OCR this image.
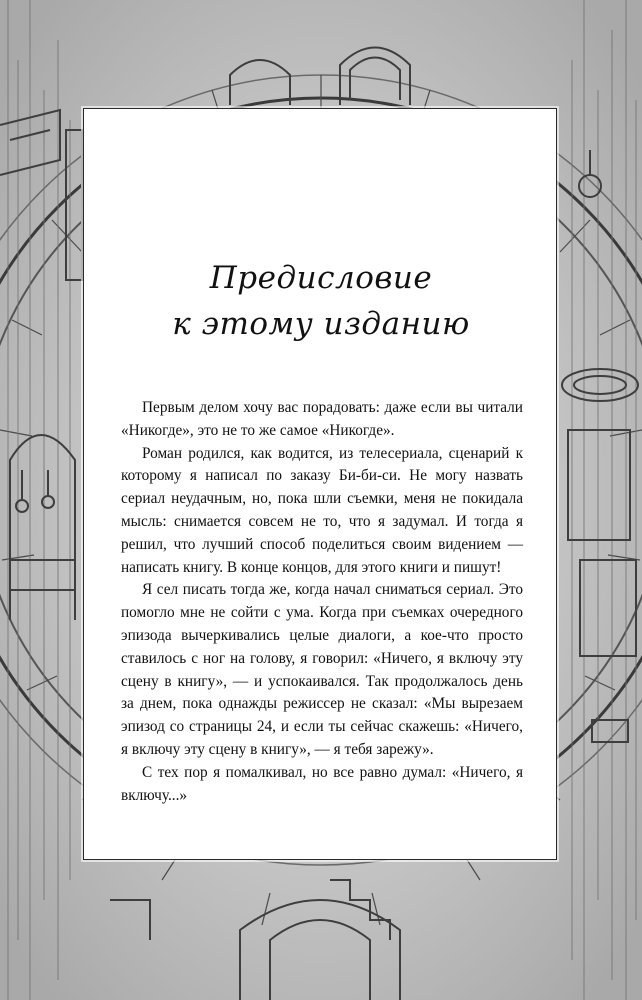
Предисловие
к этому изданию

Первым делом хочу вас порадовать: даже если вы читали «Никогде», это не то же самое «Никогде».

Роман родился, как водится, из телесериала, сценарий к которому я написал по заказу Би-би-си. Не могу назвать сериал неудачным, но, пока шли съемки, меня не покидала мысль: снимается совсем не то, что я задумал. И тогда я решил, что лучший способ поделиться своим видением — написать книгу. В конце концов, для этого книги и пишут!

Я сел писать тогда же, когда начал сниматься сериал. Это помогло мне не сойти с ума. Когда при съемках очередного эпизода вычеркивались целые диалоги, а кое-что просто ставилось с ног на голову, я говорил: «Ничего, я включу эту сцену в книгу», — и успокаивался. Так продолжалось день за днем, пока однажды режиссер не сказал: «Мы вырезаем эпизод со страницы 24, и если ты сейчас скажешь: «Ничего, я включу эту сцену в книгу», — я тебя зарежу».

С тех пор я помалкивал, но все равно думал: «Ничего, я включу...»
